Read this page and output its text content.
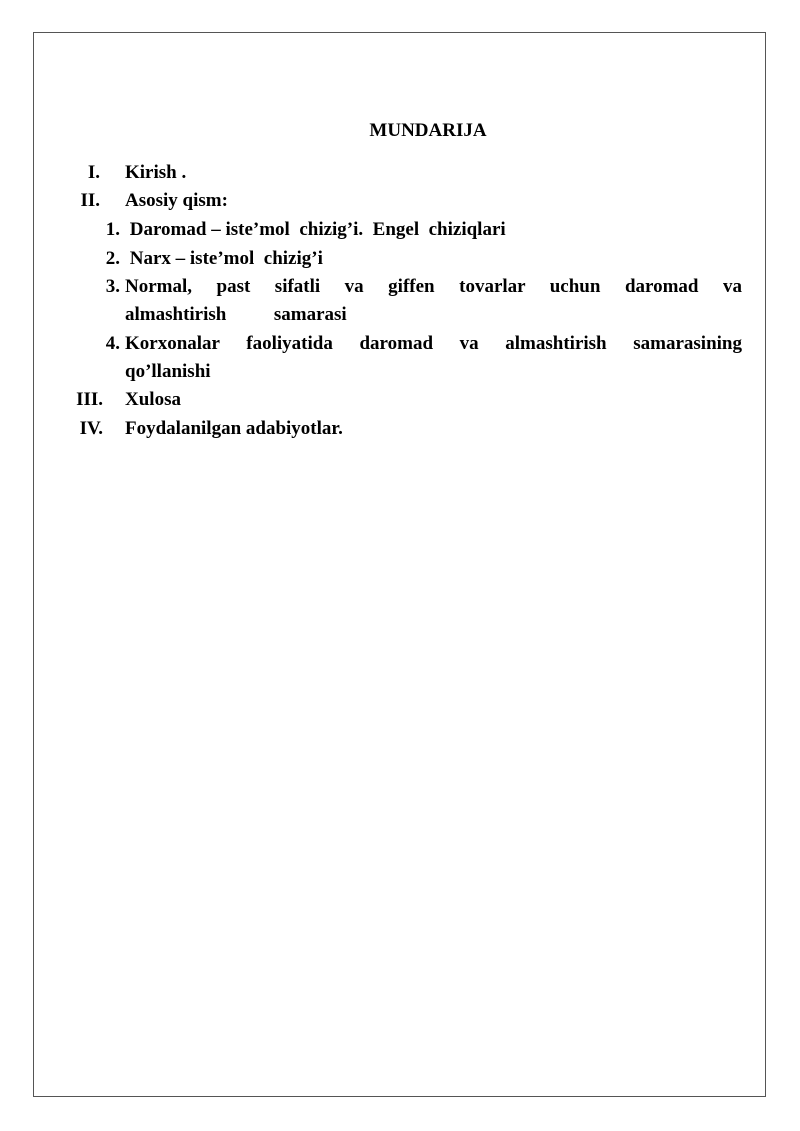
MUNDARIJA
I. Kirish .
II. Asosiy qism:
1. Daromad – iste’mol  chizig’i.  Engel  chiziqlari
2. Narx – iste’mol  chizig’i
3. Normal, past sifatli va giffen tovarlar uchun daromad va
almashtirish          samarasi
4. Korxonalar faoliyatida daromad va almashtirish samarasining
qo’llanishi
III. Xulosa
IV. Foydalanilgan adabiyotlar.
